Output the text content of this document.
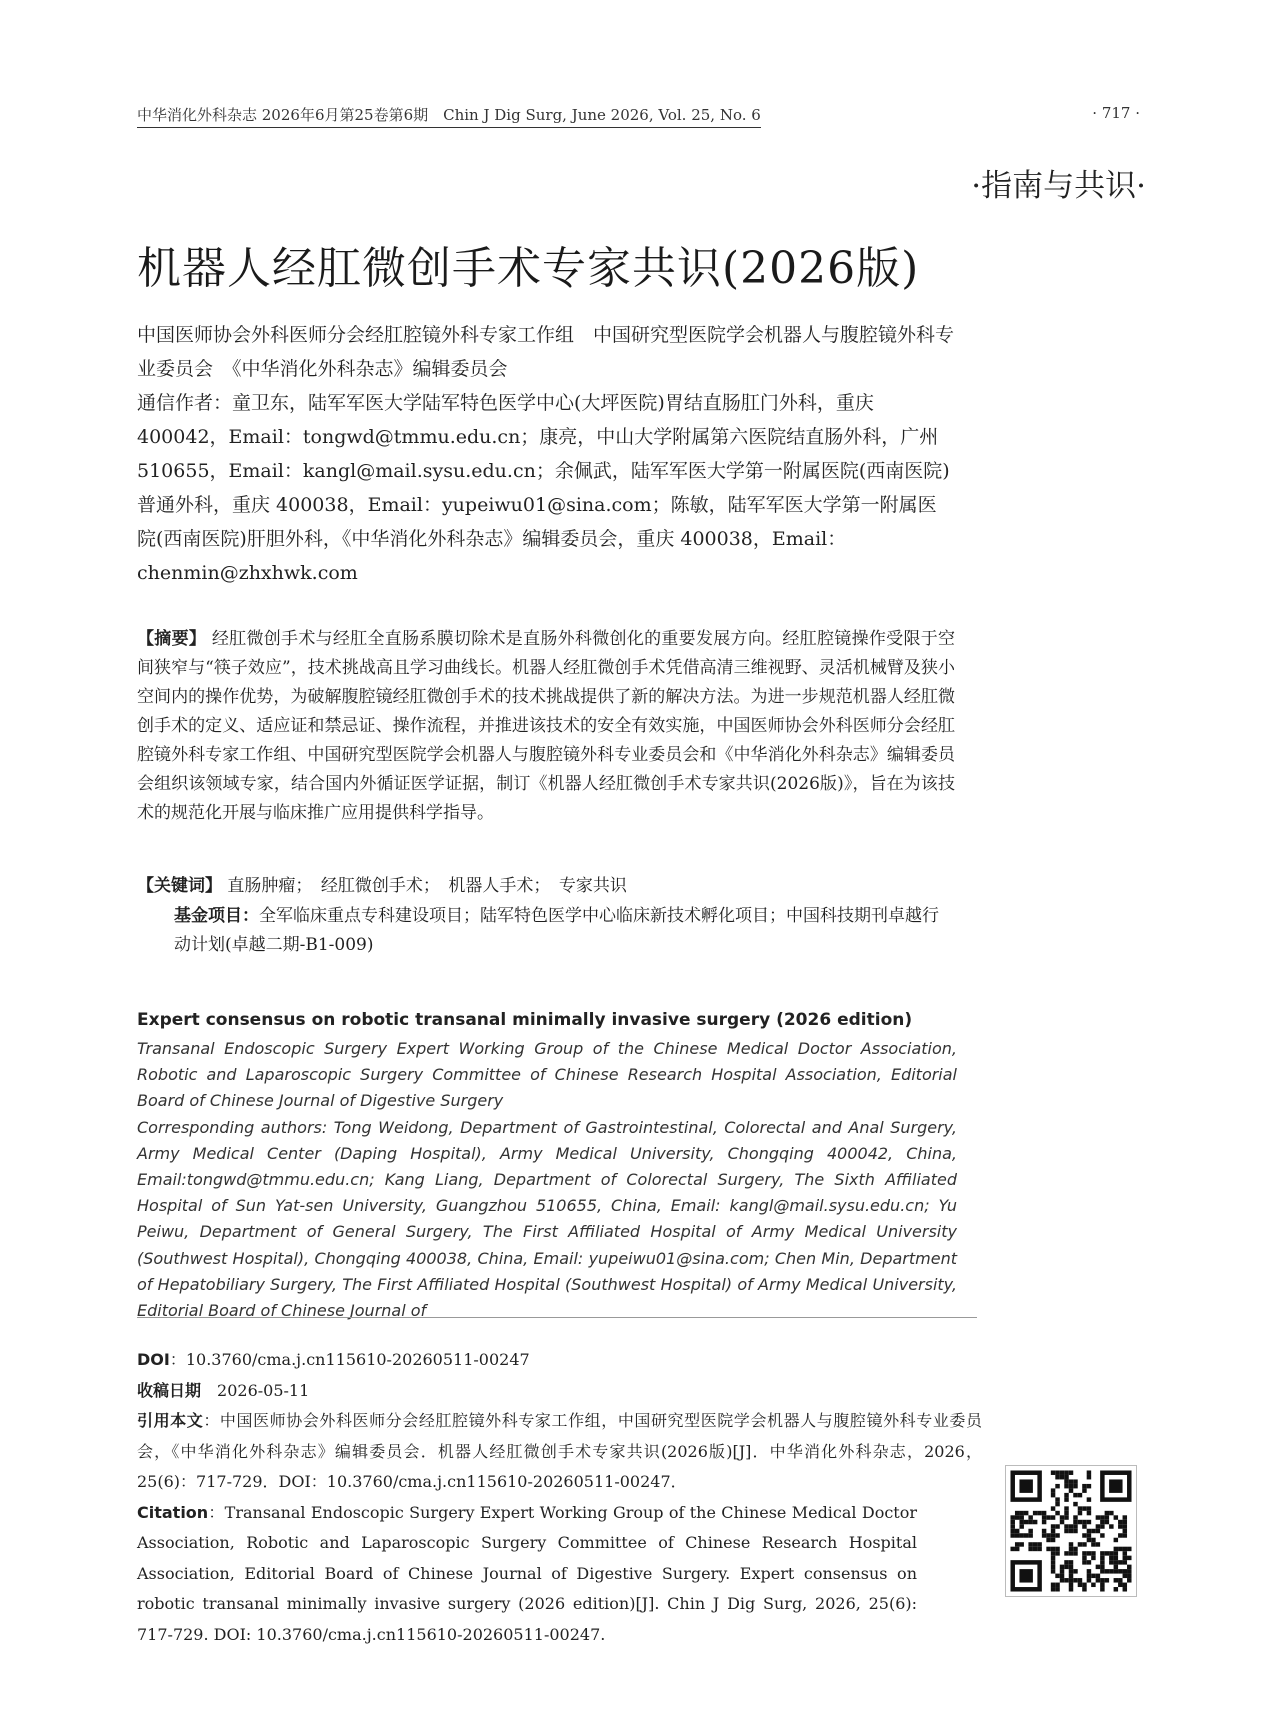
中华消化外科杂志 2026年6月第25卷第6期　Chin J Dig Surg, June 2026, Vol. 25, No. 6	· 717 ·
·指南与共识·
机器人经肛微创手术专家共识(2026版)

中国医师协会外科医师分会经肛腔镜外科专家工作组　中国研究型医院学会机器人与腹腔镜外科专业委员会　《中华消化外科杂志》编辑委员会

通信作者：童卫东，陆军军医大学陆军特色医学中心(大坪医院)胃结直肠肛门外科，重庆 400042，Email：tongwd@tmmu.edu.cn；康亮，中山大学附属第六医院结直肠外科，广州 510655，Email：kangl@mail.sysu.edu.cn；余佩武，陆军军医大学第一附属医院(西南医院)普通外科，重庆 400038，Email：yupeiwu01@sina.com；陈敏，陆军军医大学第一附属医院(西南医院)肝胆外科，《中华消化外科杂志》编辑委员会，重庆 400038，Email：chenmin@zhxhwk.com

【摘要】 经肛微创手术与经肛全直肠系膜切除术是直肠外科微创化的重要发展方向。经肛腔镜操作受限于空间狭窄与“筷子效应”，技术挑战高且学习曲线长。机器人经肛微创手术凭借高清三维视野、灵活机械臂及狭小空间内的操作优势，为破解腹腔镜经肛微创手术的技术挑战提供了新的解决方法。为进一步规范机器人经肛微创手术的定义、适应证和禁忌证、操作流程，并推进该技术的安全有效实施，中国医师协会外科医师分会经肛腔镜外科专家工作组、中国研究型医院学会机器人与腹腔镜外科专业委员会和《中华消化外科杂志》编辑委员会组织该领域专家，结合国内外循证医学证据，制订《机器人经肛微创手术专家共识(2026版)》，旨在为该技术的规范化开展与临床推广应用提供科学指导。
【关键词】 直肠肿瘤；　经肛微创手术；　机器人手术；　专家共识
基金项目：全军临床重点专科建设项目；陆军特色医学中心临床新技术孵化项目；中国科技期刊卓越行动计划(卓越二期-B1-009)
Expert consensus on robotic transanal minimally invasive surgery (2026 edition)

Transanal Endoscopic Surgery Expert Working Group of the Chinese Medical Doctor Association, Robotic and Laparoscopic Surgery Committee of Chinese Research Hospital Association, Editorial Board of Chinese Journal of Digestive Surgery

Corresponding authors: Tong Weidong, Department of Gastrointestinal, Colorectal and Anal Surgery, Army Medical Center (Daping Hospital), Army Medical University, Chongqing 400042, China, Email:tongwd@tmmu.edu.cn; Kang Liang, Department of Colorectal Surgery, The Sixth Affiliated Hospital of Sun Yat-sen University, Guangzhou 510655, China, Email: kangl@mail.sysu.edu.cn; Yu Peiwu, Department of General Surgery, The First Affiliated Hospital of Army Medical University (Southwest Hospital), Chongqing 400038, China, Email: yupeiwu01@sina.com; Chen Min, Department of Hepatobiliary Surgery, The First Affiliated Hospital (Southwest Hospital) of Army Medical University, Editorial Board of Chinese Journal of

DOI：10.3760/cma.j.cn115610-20260511-00247

收稿日期　 2026-05-11

引用本文：中国医师协会外科医师分会经肛腔镜外科专家工作组，中国研究型医院学会机器人与腹腔镜外科专业委员会，《中华消化外科杂志》编辑委员会．机器人经肛微创手术专家共识(2026版)[J]．中华消化外科杂志，2026，25(6)：717-729．DOI：10.3760/cma.j.cn115610-20260511-00247．

Citation：Transanal Endoscopic Surgery Expert Working Group of the Chinese Medical Doctor Association, Robotic and Laparoscopic Surgery Committee of Chinese Research Hospital Association, Editorial Board of Chinese Journal of Digestive Surgery. Expert consensus on robotic transanal minimally invasive surgery (2026 edition)[J]. Chin J Dig Surg, 2026, 25(6): 717-729. DOI: 10.3760/cma.j.cn115610-20260511-00247.
